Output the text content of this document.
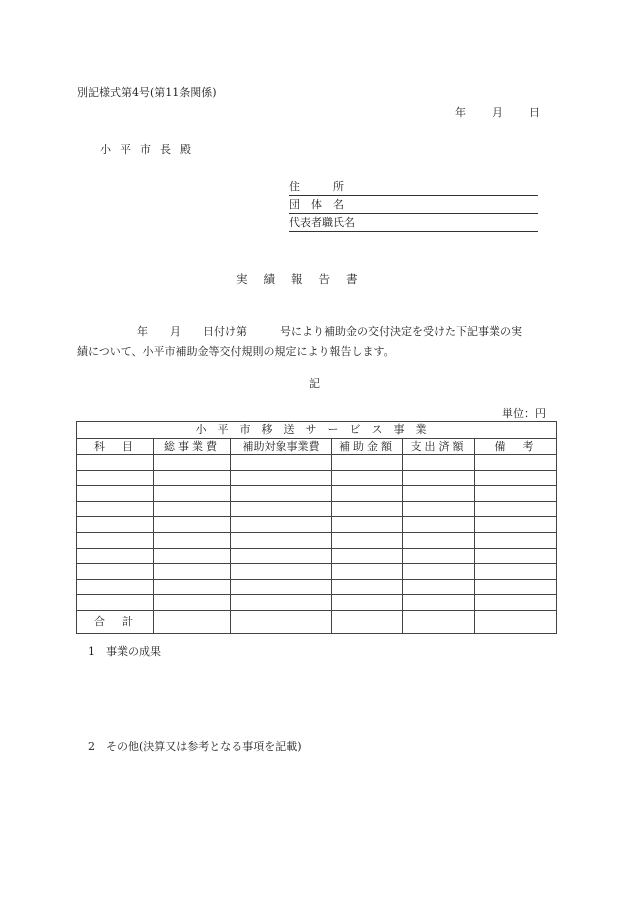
別記様式第4号(第11条関係)
年 月 日
小平市長殿
住　　　所
団　体　名
代表者職氏名
実績報告書
年　　月　　日付け第　　　号により補助金の交付決定を受けた下記事業の実
績について、小平市補助金等交付規則の規定により報告します。
記
単位：円
小平市移送サービス事業					
科　目	総事業費	補助対象事業費	補助金額	支出済額	備　考

合　計					
1　事業の成果
2　その他(決算又は参考となる事項を記載)
